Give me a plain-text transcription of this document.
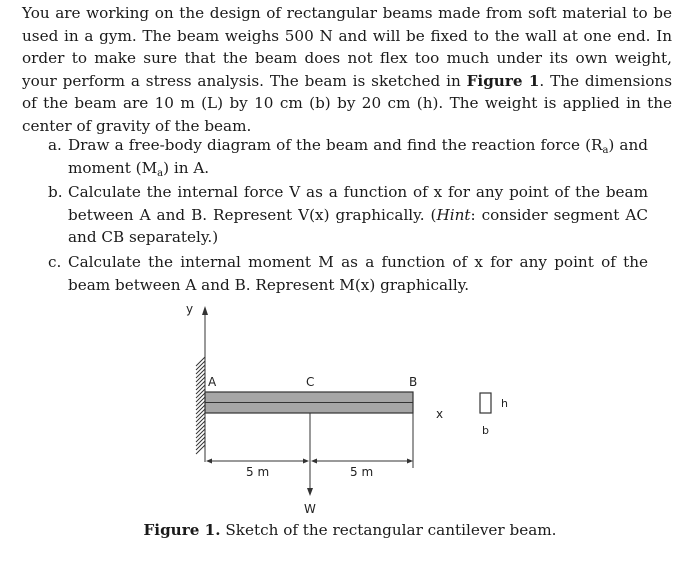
You are working on the design of rectangular beams made from soft material to be used in a gym. The beam weighs 500 N and will be fixed to the wall at one end. In order to make sure that the beam does not flex too much under its own weight, your perform a stress analysis. The beam is sketched in Figure 1. The dimensions of the beam are 10 m (L) by 10 cm (b) by 20 cm (h). The weight is applied in the center of gravity of the beam.
a. Draw a free-body diagram of the beam and find the reaction force $(R_a)$ and moment $(M_a)$ in A.
b. Calculate the internal force V as a function of x for any point of the beam between A and B. Represent V(x) graphically. (Hint: consider segment AC and CB separately.)
c. Calculate the internal moment M as a function of x for any point of the beam between A and B. Represent M(x) graphically.
y
A	C	B
x
W
5 m	5 m
h
b
Figure 1. Sketch of the rectangular cantilever beam.
